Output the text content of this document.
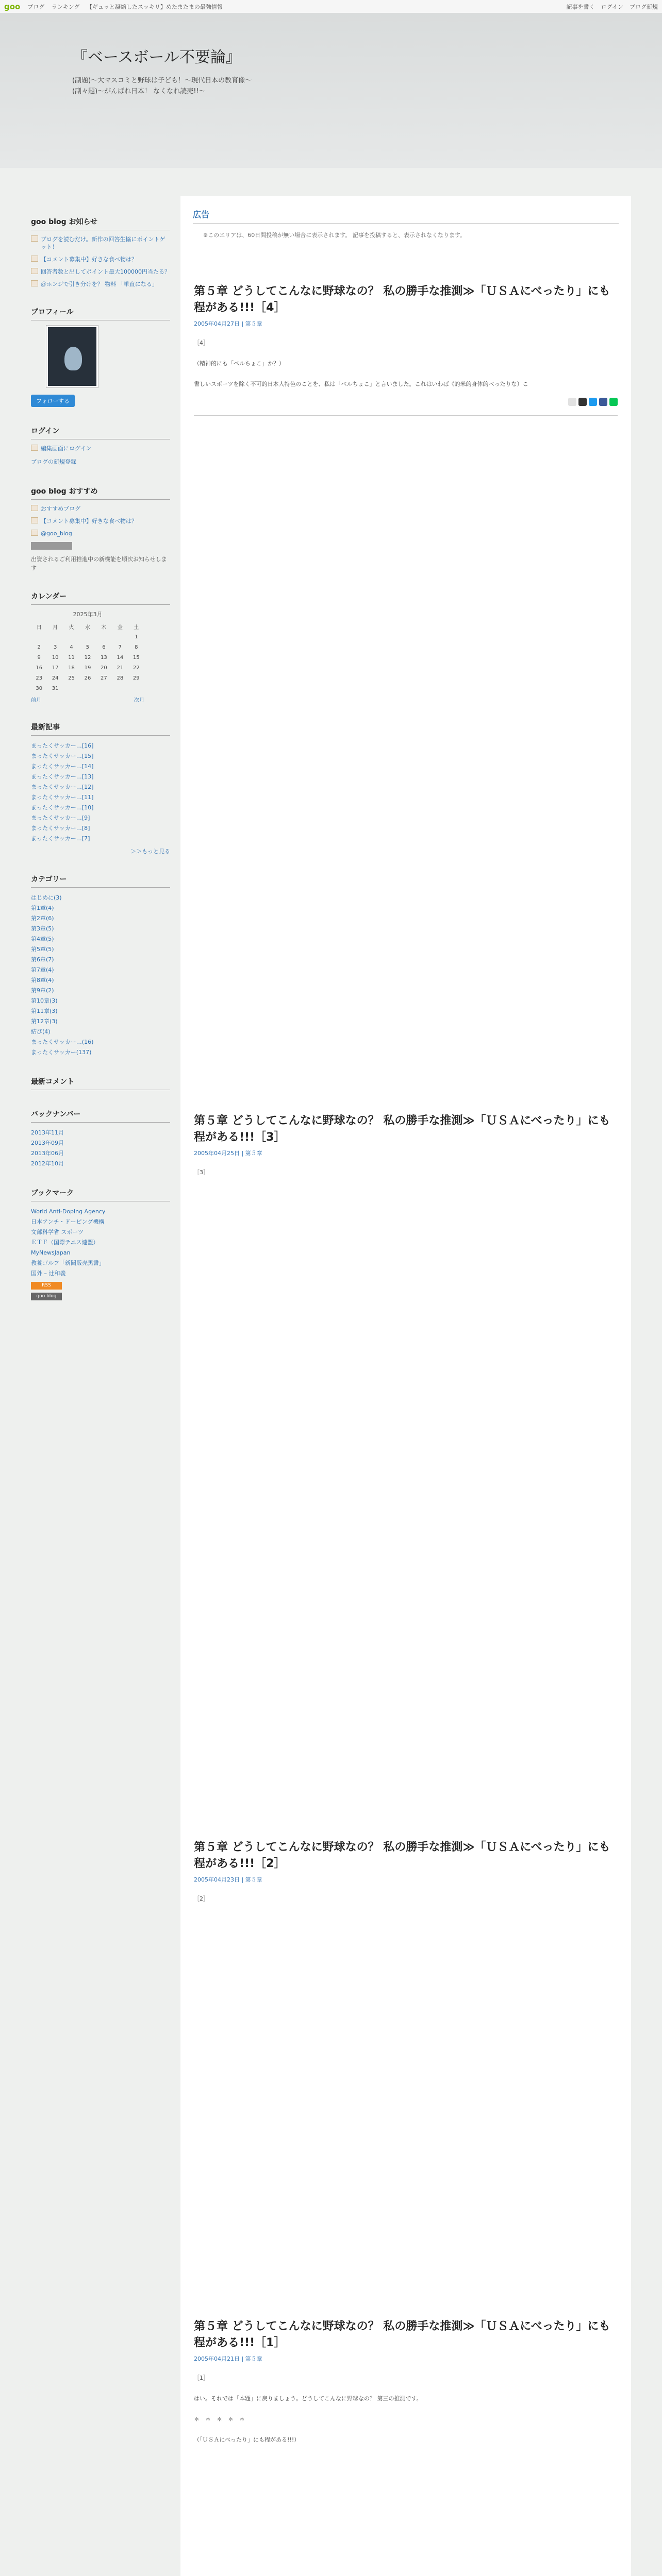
goo ブログ ランキング 【ギュッと凝縮したスッキリ】めたまたまの最強情報	記事を書く ログイン ブログ新規
『ベースボール不要論』
(副題)〜大マスコミと野球は子ども！〜現代日本の教育像〜
(副々題)〜がんばれ日本！ なくなれ読売!!〜
goo blog お知らせ
ブログを読むだけ。新作の回答生協にポイントゲット！
【コメント募集中】好きな食べ物は？
回答者数と出してポイント最大100000円当たる？
＠ホンジで引き分けを？ 物料 「単直になる」
プロフィール
フォローする
ログイン
編集画面にログイン
ブログの新規登録
goo blog おすすめ
おすすめブログ
【コメント募集中】好きな食べ物は？
@goo_blog
出資されるご利用推進中の新機能を順次お知らせします
カレンダー
2025年3月
日	月	火	水	木	金	土
						1
2	3	4	5	6	7	8
9	10	11	12	13	14	15
16	17	18	19	20	21	22
23	24	25	26	27	28	29
30	31					
前月	次月
最新記事
まったくサッカー…[16]
まったくサッカー…[15]
まったくサッカー…[14]
まったくサッカー…[13]
まったくサッカー…[12]
まったくサッカー…[11]
まったくサッカー…[10]
まったくサッカー…[9]
まったくサッカー…[8]
まったくサッカー…[7]
＞＞もっと見る
カテゴリー
はじめに(3)
第1章(4)
第2章(6)
第3章(5)
第4章(5)
第5章(5)
第6章(7)
第7章(4)
第8章(4)
第9章(2)
第10章(3)
第11章(3)
第12章(3)
結び(4)
まったくサッカー…(16)
まったくサッカー(137)
最新コメント
バックナンバー
2013年11月
2013年09月
2013年06月
2012年10月
ブックマーク
World Anti-Doping Agency
日本アンチ・ドーピング機構
文部科学省 スポーツ
ＥＴＦ（国際テニス連盟）
MyNewsJapan
教養ゴルフ「新聞販売黒書」
国外 – 辻和義
RSS
goo blog
広告
※このエリアは、60日間投稿が無い場合に表示されます。 記事を投稿すると、表示されなくなります。
第５章 どうしてこんなに野球なの？ 私の勝手な推測≫「ＵＳＡにべったり」にも程がある!!!［4］
2005年04月27日 | 第５章
［4］

（精神的にも「ベルちょこ」か？）

書しいスポーツを除く不可的日本人特色のことを、私は「ベルちょこ」と言いました。これはいわば《的米的身体的べったりな）こ
第５章 どうしてこんなに野球なの？ 私の勝手な推測≫「ＵＳＡにべったり」にも程がある!!!［3］
2005年04月25日 | 第５章
［3］
第５章 どうしてこんなに野球なの？ 私の勝手な推測≫「ＵＳＡにべったり」にも程がある!!!［2］
2005年04月23日 | 第５章
［2］
第５章 どうしてこんなに野球なの？ 私の勝手な推測≫「ＵＳＡにべったり」にも程がある!!!［1］
2005年04月21日 | 第５章
［1］

はい。それでは「本題」に戻りましょう。どうしてこんなに野球なの？ 第三の推測です。

＊　＊　＊　＊　＊

（「ＵＳＡにべったり」にも程がある!!!）
